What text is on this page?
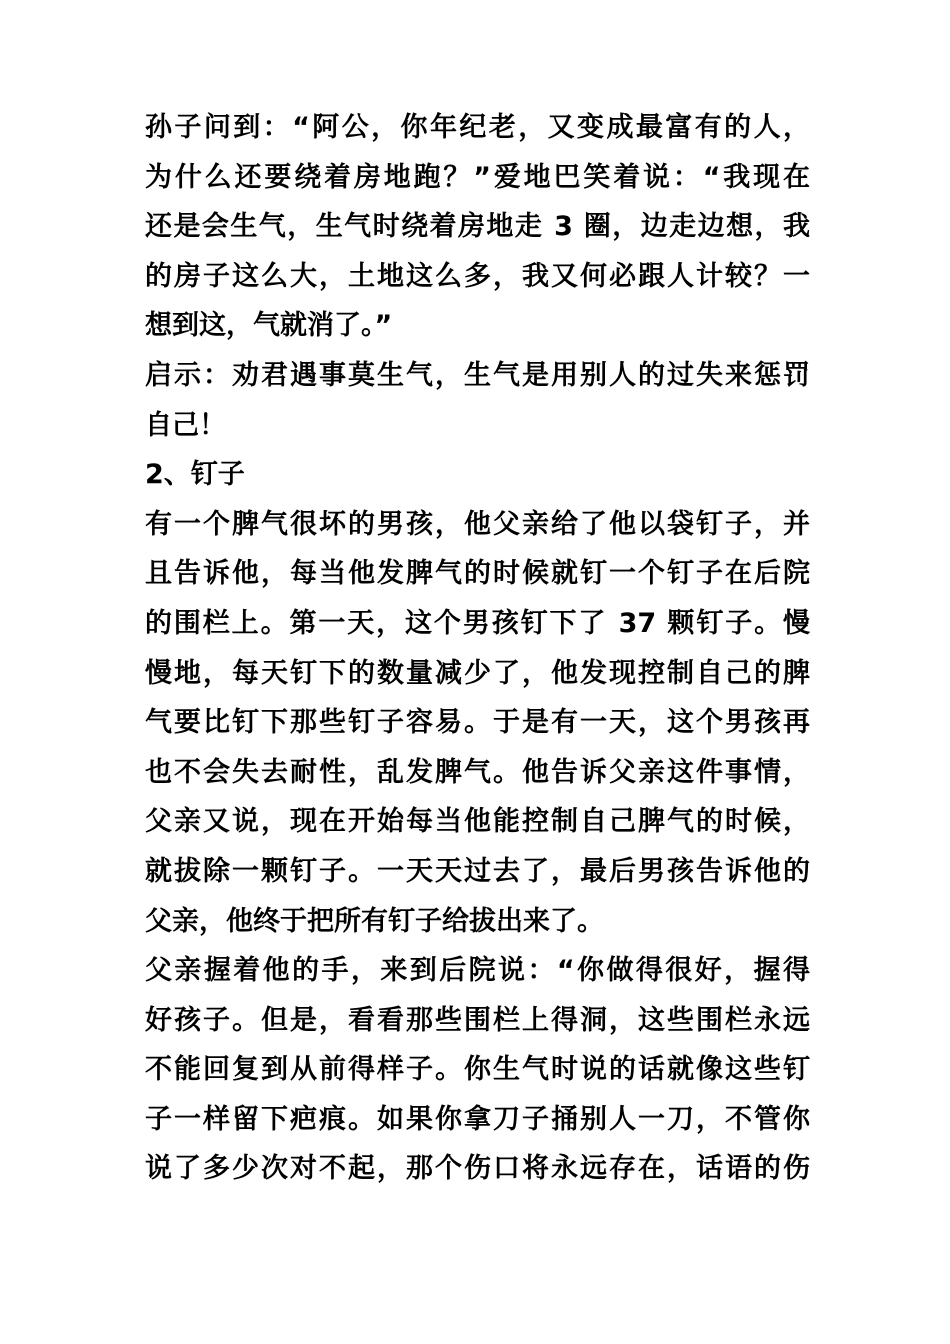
孙子问到：“阿公，你年纪老，又变成最富有的人，
为什么还要绕着房地跑？”爱地巴笑着说：“我现在
还是会生气，生气时绕着房地走 3 圈，边走边想，我
的房子这么大，土地这么多，我又何必跟人计较？一
想到这，气就消了。”
启示：劝君遇事莫生气，生气是用别人的过失来惩罚
自己！
2、钉子
有一个脾气很坏的男孩，他父亲给了他以袋钉子，并
且告诉他，每当他发脾气的时候就钉一个钉子在后院
的围栏上。第一天，这个男孩钉下了 37 颗钉子。慢
慢地，每天钉下的数量减少了，他发现控制自己的脾
气要比钉下那些钉子容易。于是有一天，这个男孩再
也不会失去耐性，乱发脾气。他告诉父亲这件事情，
父亲又说，现在开始每当他能控制自己脾气的时候，
就拔除一颗钉子。一天天过去了，最后男孩告诉他的
父亲，他终于把所有钉子给拔出来了。
父亲握着他的手，来到后院说：“你做得很好，握得
好孩子。但是，看看那些围栏上得洞，这些围栏永远
不能回复到从前得样子。你生气时说的话就像这些钉
子一样留下疤痕。如果你拿刀子捅别人一刀，不管你
说了多少次对不起，那个伤口将永远存在，话语的伤
